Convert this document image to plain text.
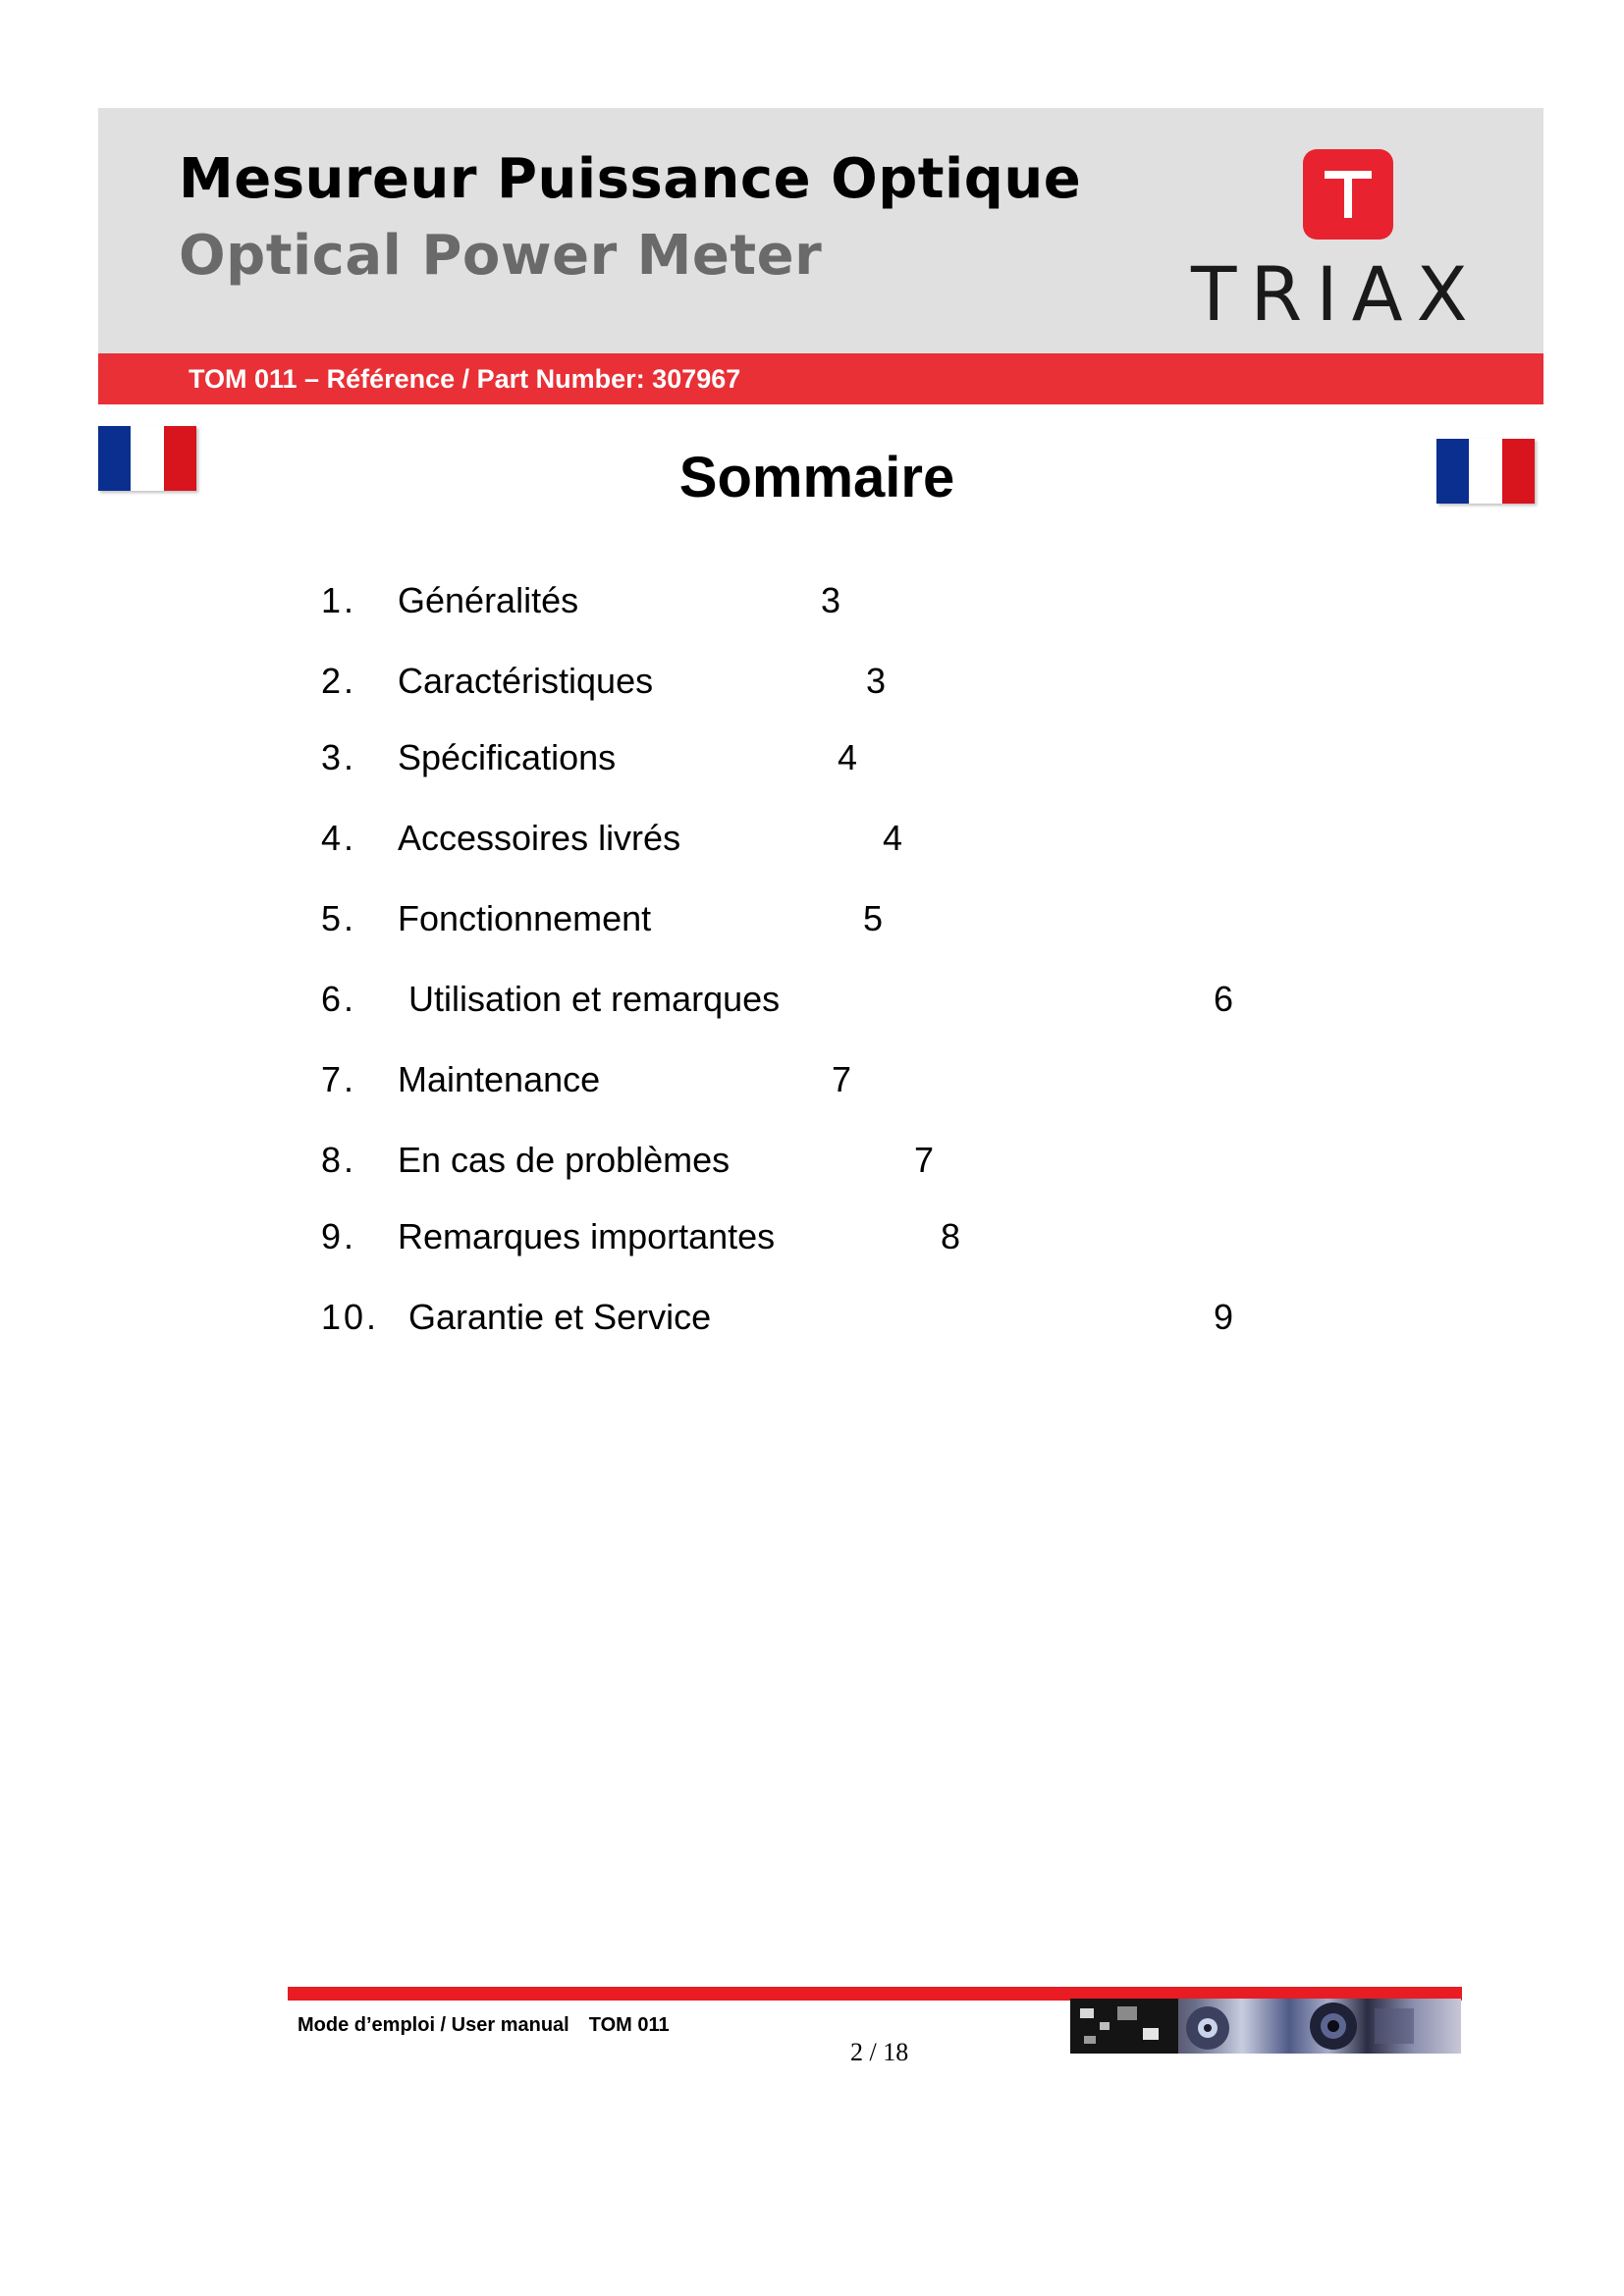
Mesureur Puissance Optique
Optical Power Meter	TRIAX
TOM 011 – Référence / Part Number: 307967
Sommaire
1. Généralités	3
2. Caractéristiques	3
3. Spécifications	4
4. Accessoires livrés	4
5. Fonctionnement	5
6. Utilisation et remarques	6
7. Maintenance	7
8. En cas de problèmes	7
9. Remarques importantes	8
10. Garantie et Service	9
Mode d’emploi / User manual TOM 011
2 / 18
